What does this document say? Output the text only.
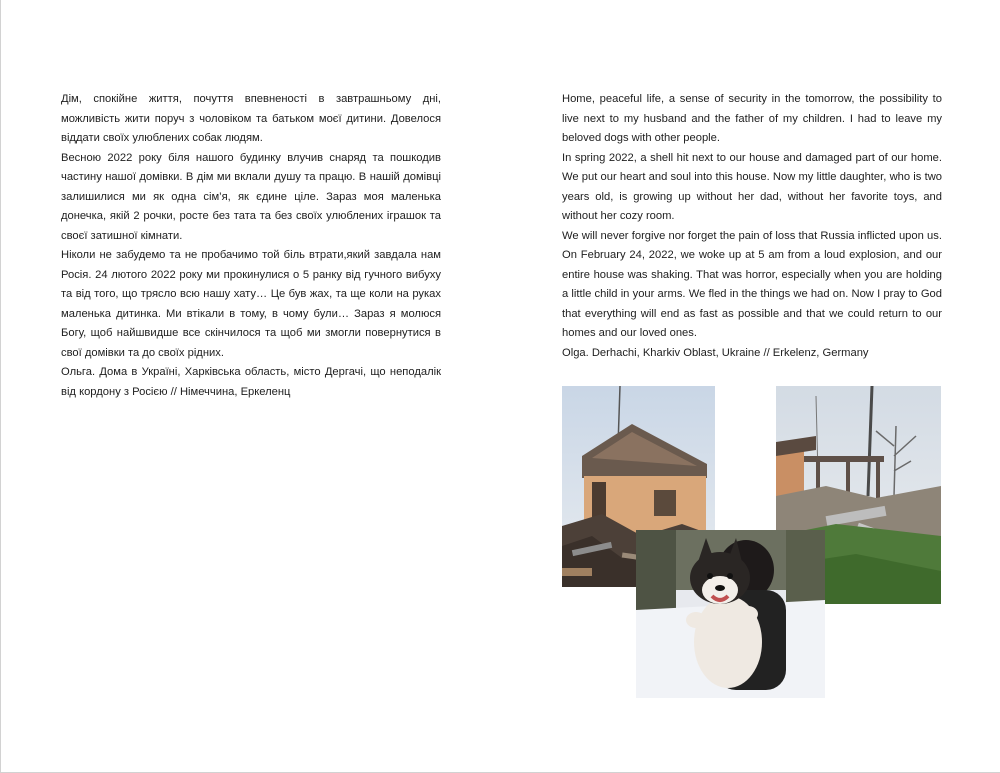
Дім, спокійне життя, почуття впевненості в завтрашньому дні, можливість жити поруч з чоловіком та батьком моєї дитини. Довелося віддати своїх улюблених собак людям.

Весною 2022 року біля нашого будинку влучив снаряд та пошкодив частину нашої домівки. В дім ми вклали душу та працю. В нашій домівці залишилися ми як одна сім’я, як єдине ціле. Зараз моя маленька донечка, якій 2 рочки, росте без тата та без своїх улюблених іграшок та своєї затишної кімнати.

Ніколи не забудемо та не пробачимо той біль втрати,який завдала нам Росія. 24 лютого 2022 року ми прокинулися о 5 ранку від гучного вибуху та від того, що трясло всю нашу хату… Це був жах, та ще коли на руках маленька дитинка. Ми втікали в тому, в чому були… Зараз я молюся Богу, щоб найшвидше все скінчилося та щоб ми змогли повернутися в свої домівки та до своїх рідних.

Ольга. Дома в Україні, Харківська область, місто Дергачі, що неподалік від кордону з Росією // Німеччина, Еркеленц

Home, peaceful life, a sense of security in the tomorrow, the possibility to live next to my husband and the father of my children. I had to leave my beloved dogs with other people.

In spring 2022, a shell hit next to our house and damaged part of our home. We put our heart and soul into this house. Now my little daughter, who is two years old, is growing up without her dad, without her favorite toys, and without her cozy room.

We will never forgive nor forget the pain of loss that Russia inflicted upon us. On February 24, 2022, we woke up at 5 am from a loud explosion, and our entire house was shaking. That was horror, especially when you are holding a little child in your arms. We fled in the things we had on. Now I pray to God that everything will end as fast as possible and that we could return to our homes and our loved ones.

Olga. Derhachi, Kharkiv Oblast, Ukraine // Erkelenz, Germany
